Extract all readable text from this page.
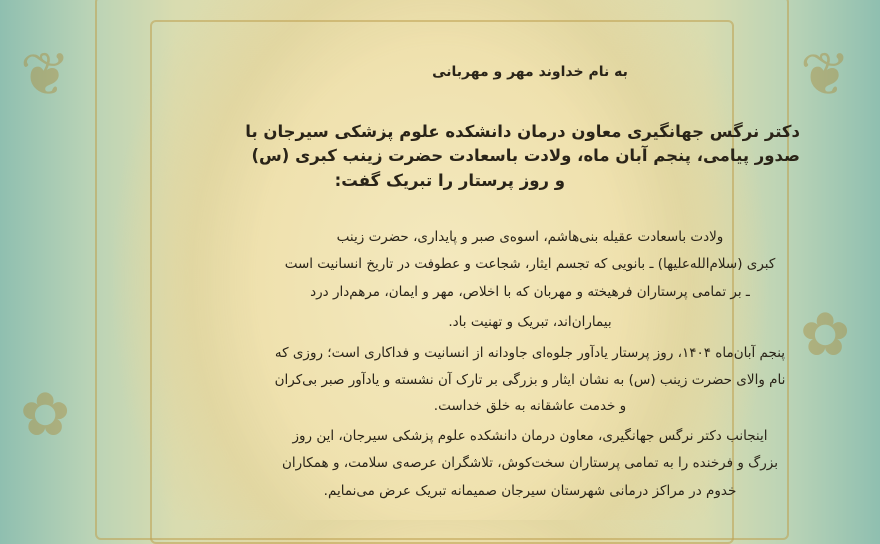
❦	❦
✿
✿
به نام خداوند مهر و مهربانی
دکتر نرگس جهانگیری معاون درمان دانشکده علوم پزشکی سیرجان با
صدور پیامی، پنجم آبان ماه، ولادت باسعادت حضرت زینب کبری (س)
و روز پرستار را تبریک گفت:
ولادت باسعادت عقیله بنی‌هاشم، اسوه‌ی صبر و پایداری، حضرت زینب
کبری (سلام‌الله‌علیها) ـ بانویی که تجسم ایثار، شجاعت و عطوفت در تاریخ انسانیت است
ـ بر تمامی پرستاران فرهیخته و مهربان که با اخلاص، مهر و ایمان، مرهم‌دار درد
بیماران‌اند، تبریک و تهنیت باد.
پنجم آبان‌ماه ۱۴۰۴، روز پرستار یادآور جلوه‌ای جاودانه از انسانیت و فداکاری است؛ روزی که
نام والای حضرت زینب (س) به نشان ایثار و بزرگی بر تارک آن نشسته و یادآور صبر بی‌کران
و خدمت عاشقانه به خلق خداست.
اینجانب دکتر نرگس جهانگیری، معاون درمان دانشکده علوم پزشکی سیرجان، این روز
بزرگ و فرخنده را به تمامی پرستاران سخت‌کوش، تلاشگران عرصه‌ی سلامت، و همکاران
خدوم در مراکز درمانی شهرستان سیرجان صمیمانه تبریک عرض می‌نمایم.
